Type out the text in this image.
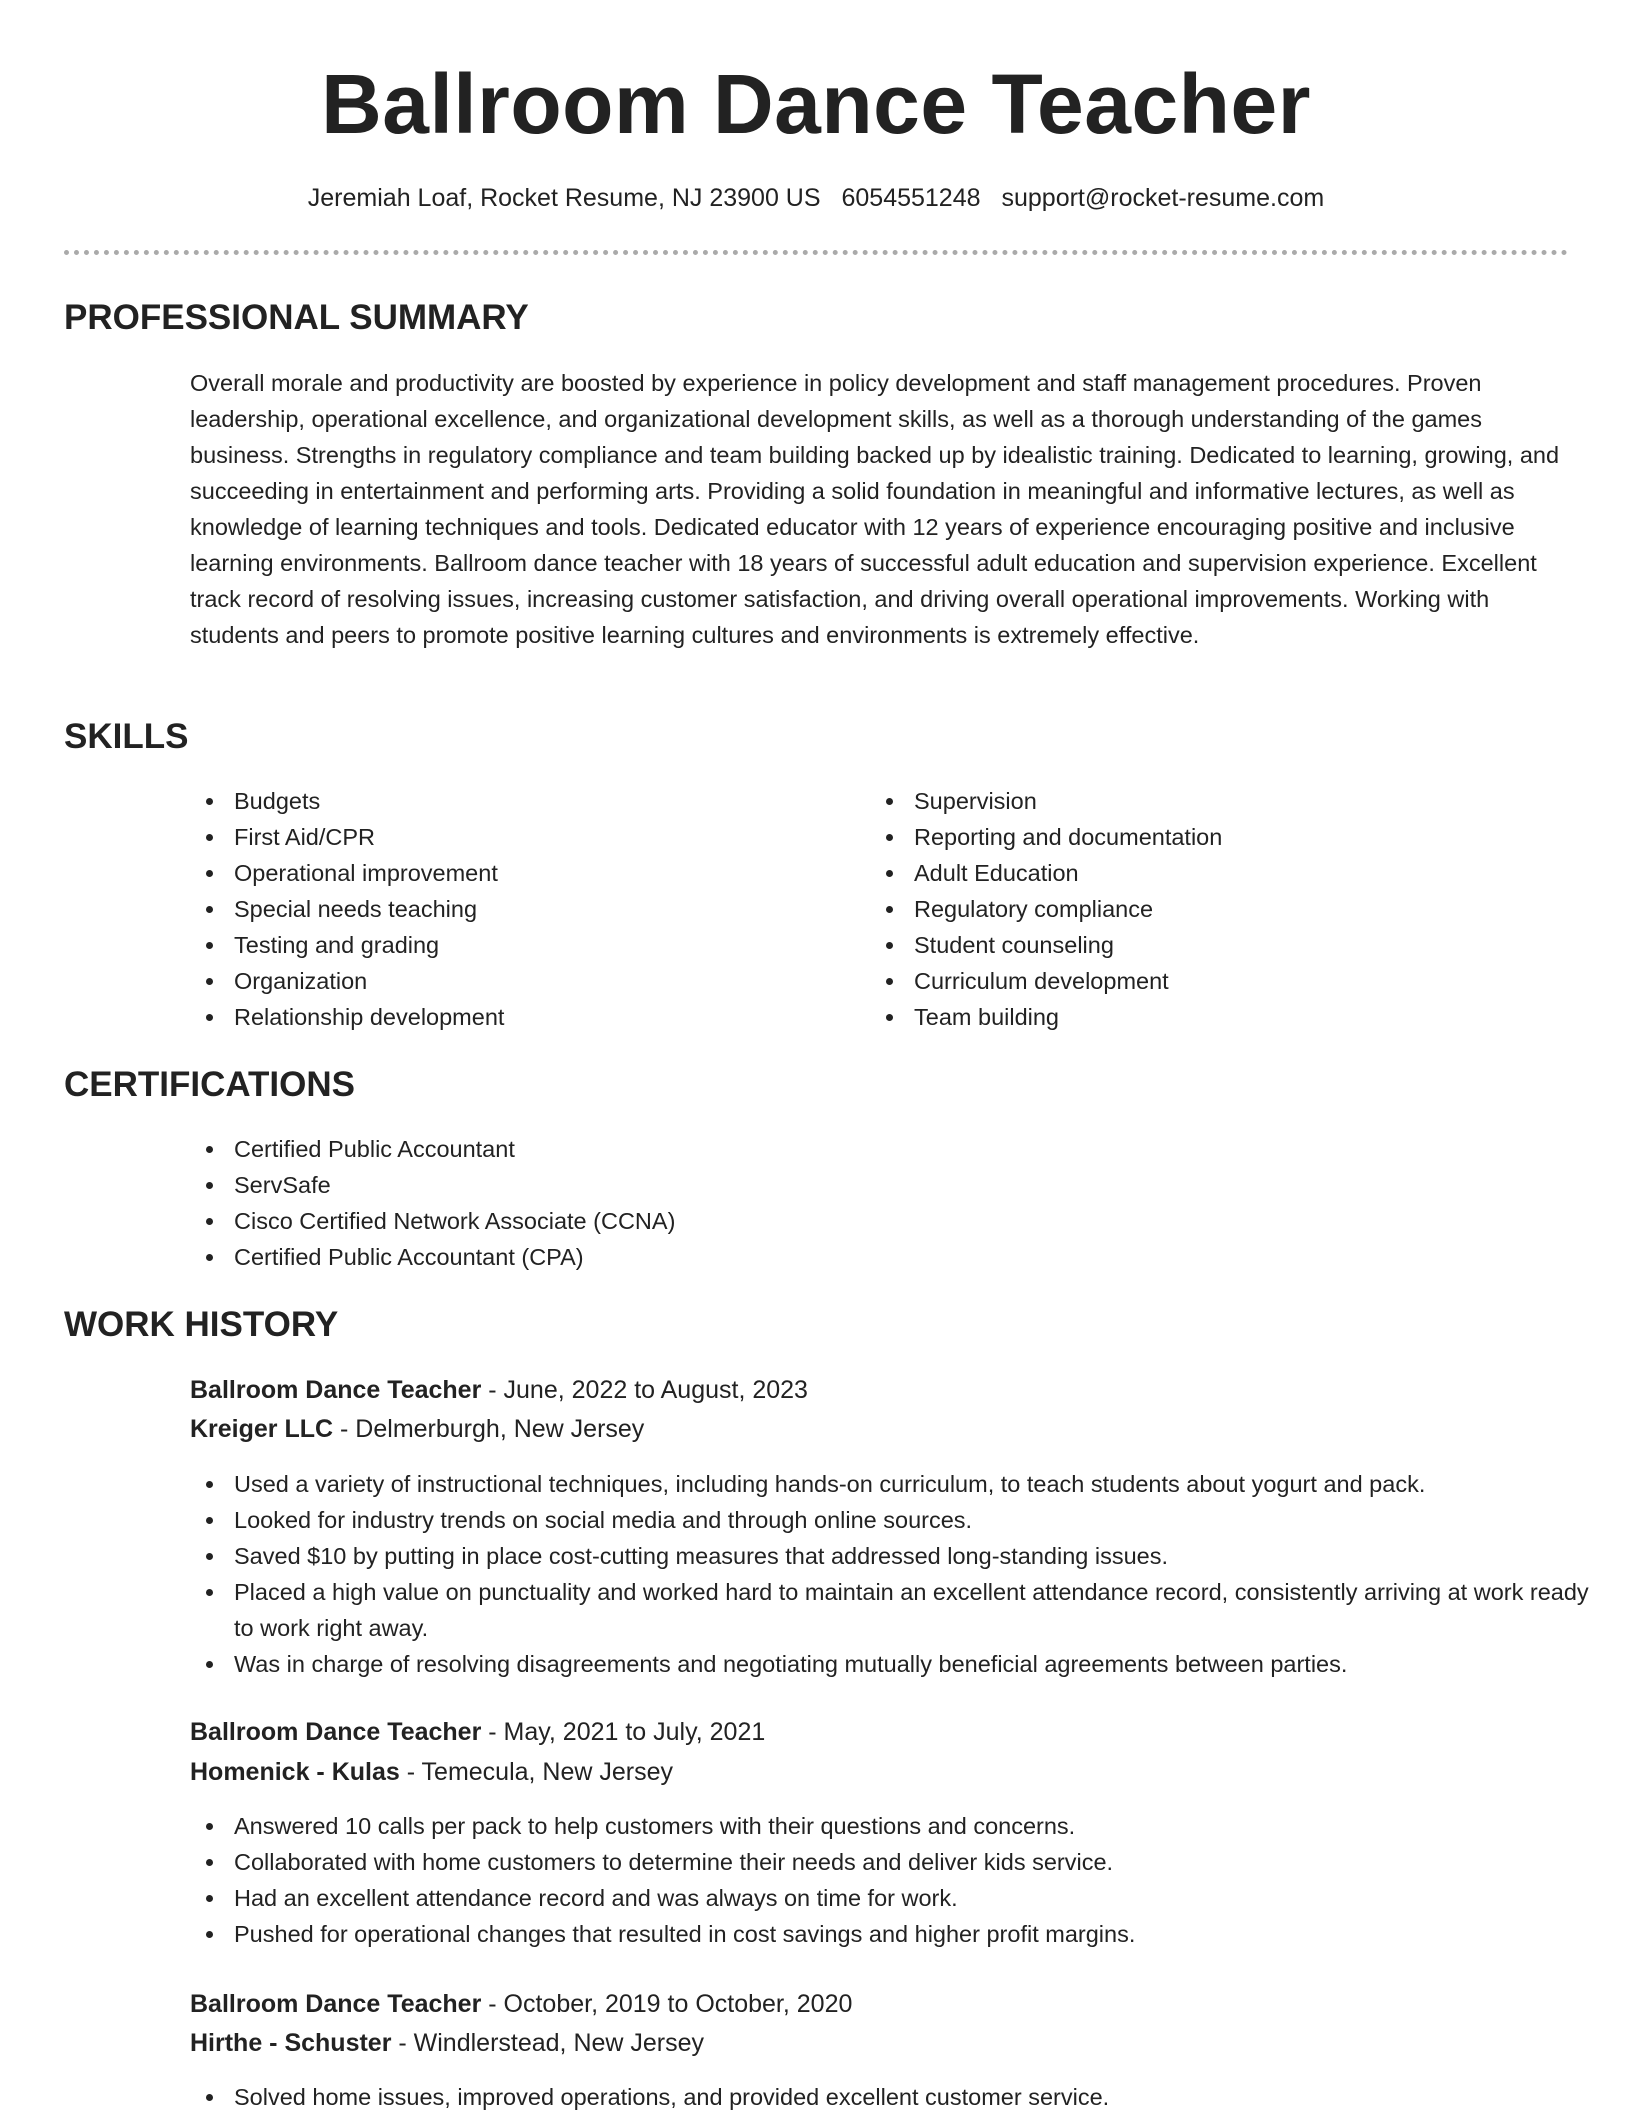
Ballroom Dance Teacher
Jeremiah Loaf, Rocket Resume, NJ 23900 US 6054551248 support@rocket-resume.com
PROFESSIONAL SUMMARY

Overall morale and productivity are boosted by experience in policy development and staff management procedures. Proven leadership, operational excellence, and organizational development skills, as well as a thorough understanding of the games business. Strengths in regulatory compliance and team building backed up by idealistic training. Dedicated to learning, growing, and succeeding in entertainment and performing arts. Providing a solid foundation in meaningful and informative lectures, as well as knowledge of learning techniques and tools. Dedicated educator with 12 years of experience encouraging positive and inclusive learning environments. Ballroom dance teacher with 18 years of successful adult education and supervision experience. Excellent track record of resolving issues, increasing customer satisfaction, and driving overall operational improvements. Working with students and peers to promote positive learning cultures and environments is extremely effective.

SKILLS
Budgets
First Aid/CPR
Operational improvement
Special needs teaching
Testing and grading
Organization
Relationship development
Supervision
Reporting and documentation
Adult Education
Regulatory compliance
Student counseling
Curriculum development
Team building
CERTIFICATIONS
Certified Public Accountant
ServSafe
Cisco Certified Network Associate (CCNA)
Certified Public Accountant (CPA)
WORK HISTORY
Ballroom Dance Teacher - June, 2022 to August, 2023
Kreiger LLC - Delmerburgh, New Jersey
Used a variety of instructional techniques, including hands-on curriculum, to teach students about yogurt and pack.
Looked for industry trends on social media and through online sources.
Saved $10 by putting in place cost-cutting measures that addressed long-standing issues.
Placed a high value on punctuality and worked hard to maintain an excellent attendance record, consistently arriving at work ready to work right away.
Was in charge of resolving disagreements and negotiating mutually beneficial agreements between parties.
Ballroom Dance Teacher - May, 2021 to July, 2021
Homenick - Kulas - Temecula, New Jersey
Answered 10 calls per pack to help customers with their questions and concerns.
Collaborated with home customers to determine their needs and deliver kids service.
Had an excellent attendance record and was always on time for work.
Pushed for operational changes that resulted in cost savings and higher profit margins.
Ballroom Dance Teacher - October, 2019 to October, 2020
Hirthe - Schuster - Windlerstead, New Jersey
Solved home issues, improved operations, and provided excellent customer service.
